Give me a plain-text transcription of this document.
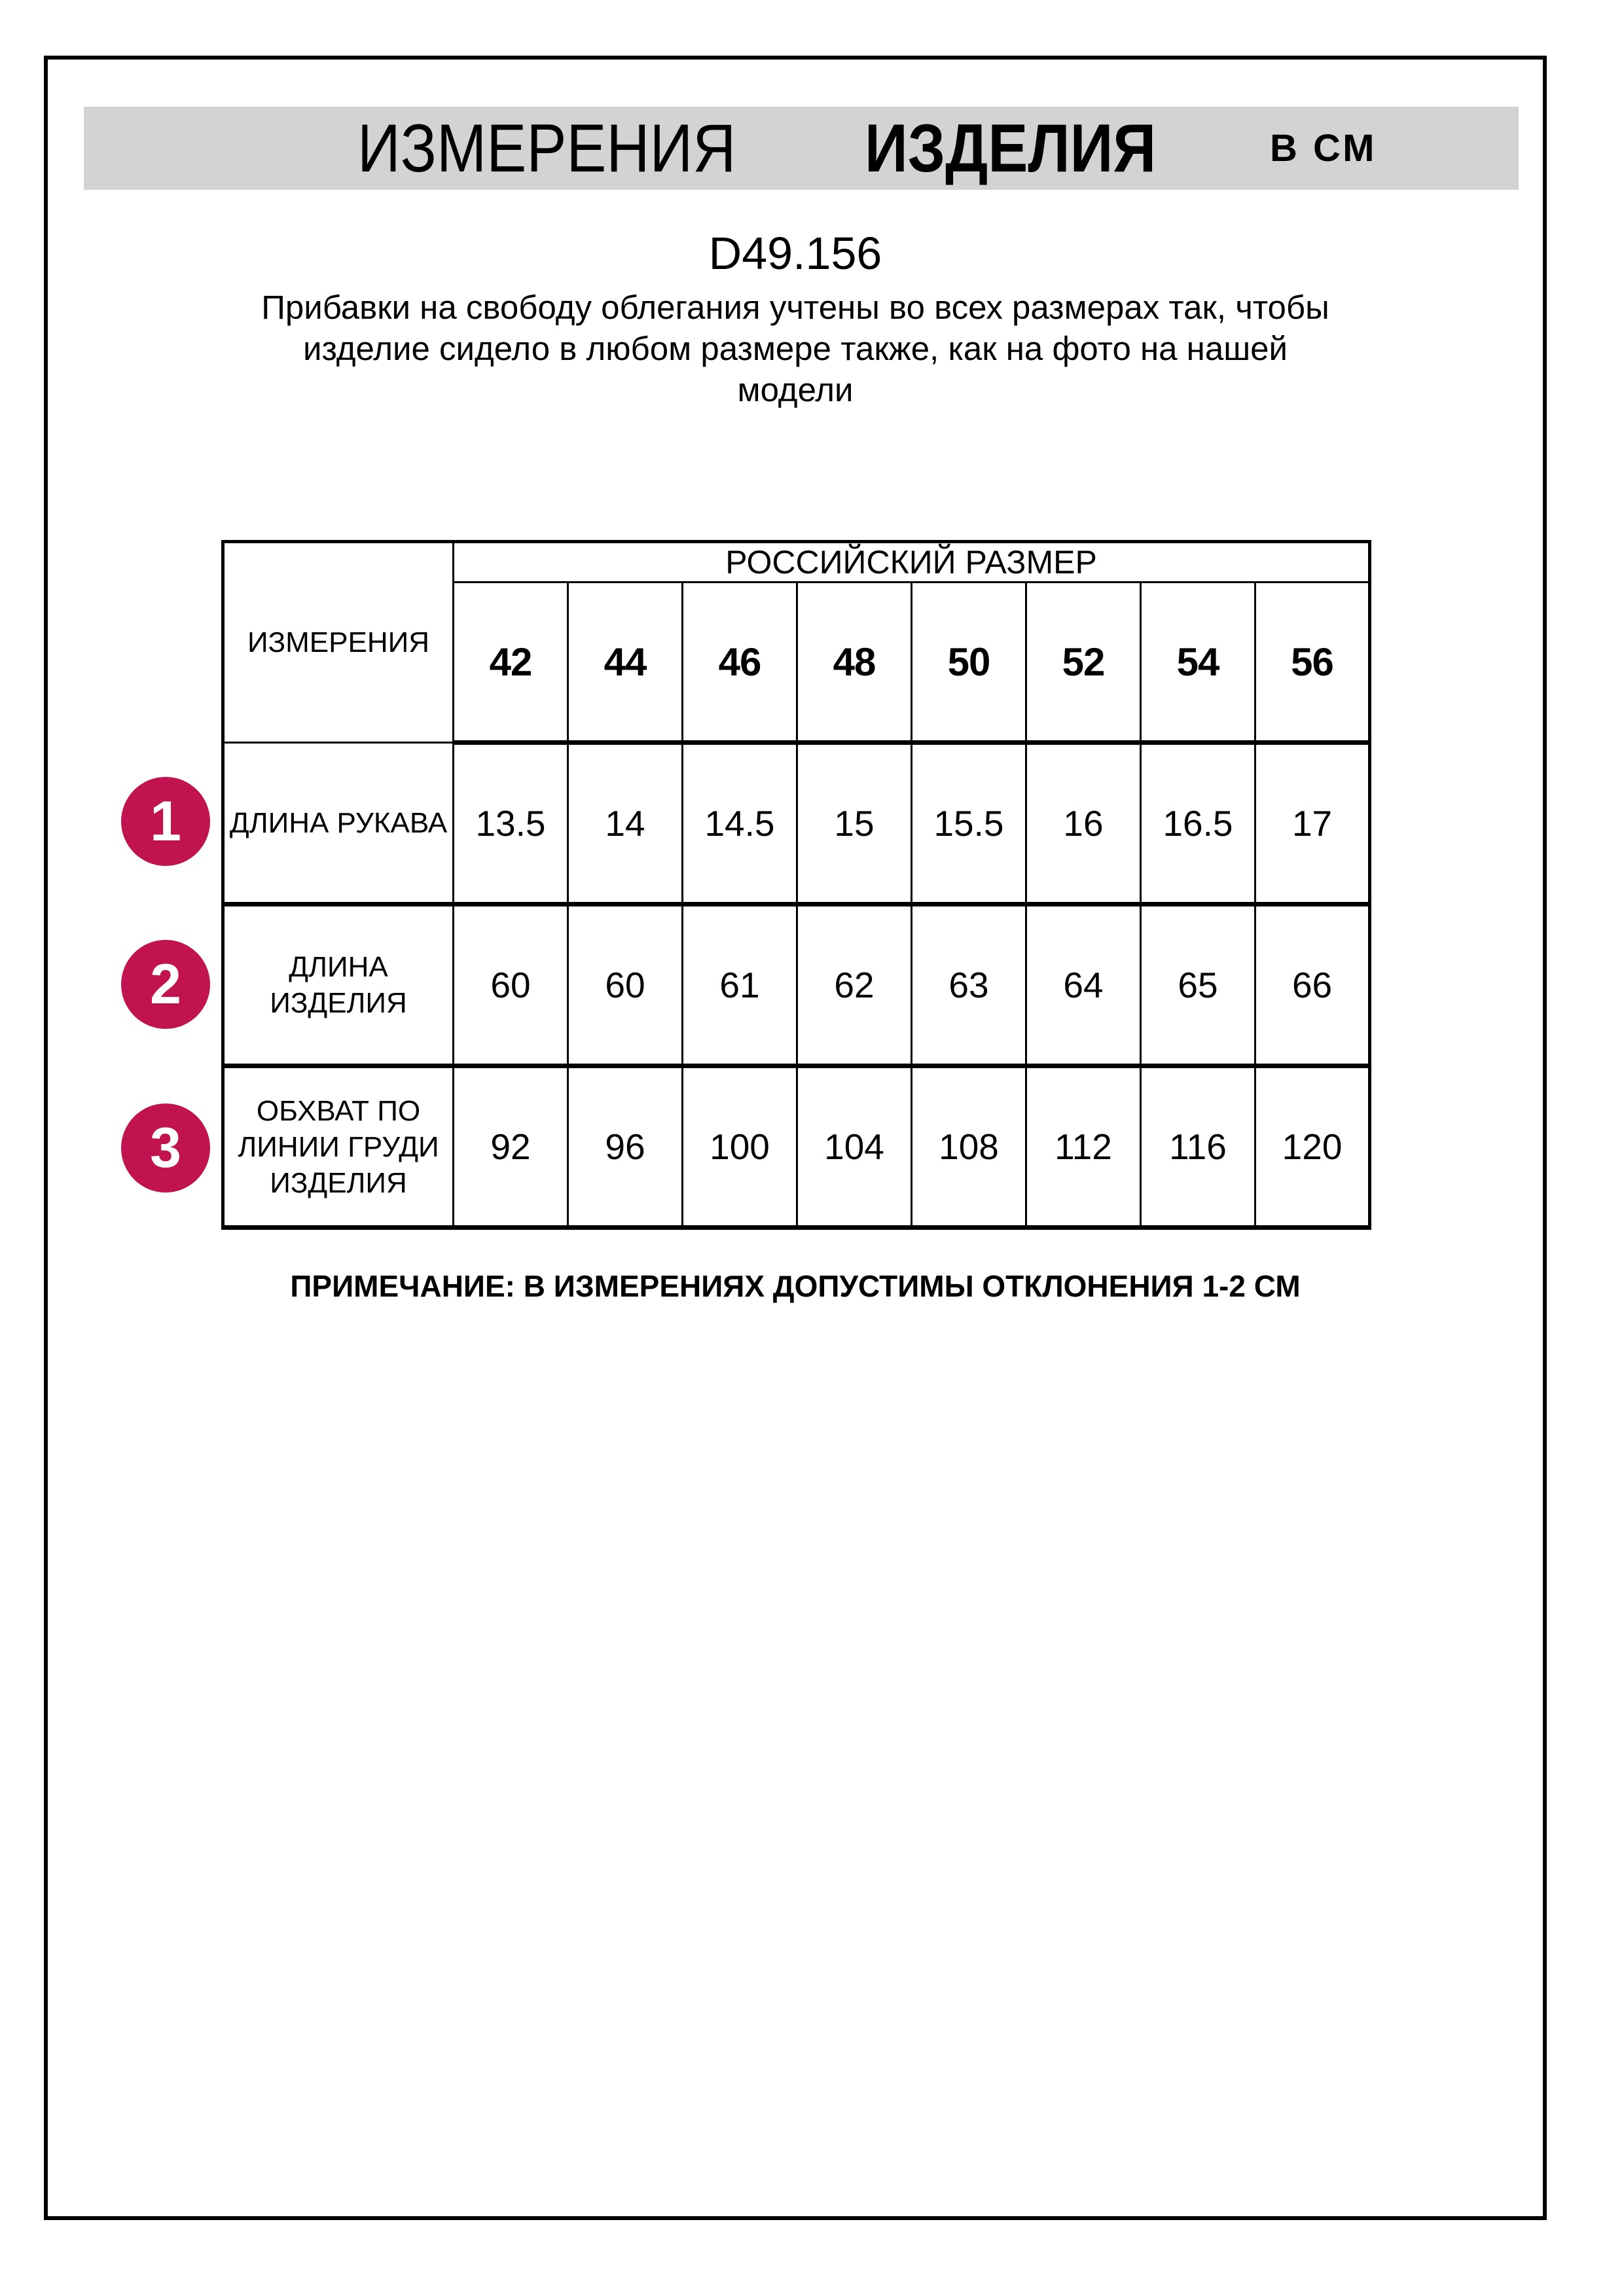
ИЗМЕРЕНИЯ ИЗДЕЛИЯ	В СМ
D49.156
Прибавки на свободу облегания учтены во всех размерах так, чтобы
изделие сидело в любом размере также, как на фото на нашей
модели
1
2
3
ИЗМЕРЕНИЯ	РОССИЙСКИЙ РАЗМЕР							
	42	44	46	48	50	52	54	56

ДЛИНА РУКАВА	13.5	14	14.5	15	15.5	16	16.5	17

ДЛИНА
ИЗДЕЛИЯ	60	60	61	62	63	64	65	66

ОБХВАТ ПО
ЛИНИИ ГРУДИ
ИЗДЕЛИЯ	92	96	100	104	108	112	116	120
ПРИМЕЧАНИЕ: В ИЗМЕРЕНИЯХ ДОПУСТИМЫ ОТКЛОНЕНИЯ 1-2 СМ
